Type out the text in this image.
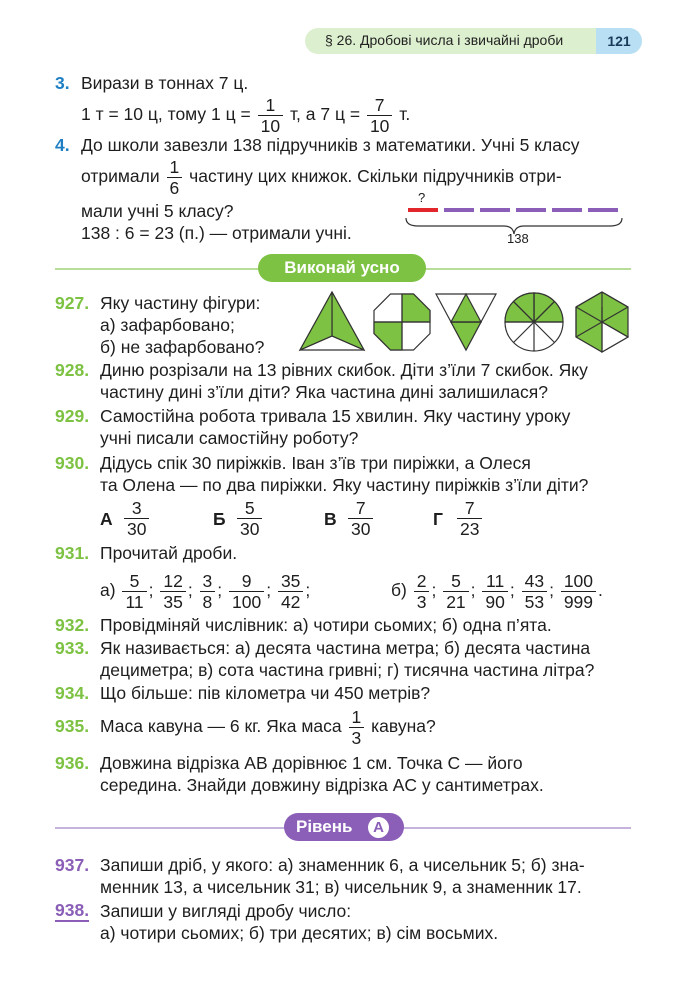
§ 26. Дробові числа і звичайні дроби	121
3. Вирази в тоннах 7 ц.
1 т = 10 ц, тому 1 $ц = \frac{1}{10} т$, а 7 $ц = \frac{7}{10} т$.
4. До школи завезли 138 підручників з математики. Учні 5 класу
отримали $\frac{1}{6}$ частину цих книжок. Скільки підручників отри-
мали учні 5 класу?
138 : 6 = 23 (п.) — отримали учні.
?
138
Виконай усно
927. Яку частину фігури:
а) зафарбовано;
б) не зафарбовано?
928. Диню розрізали на 13 рівних скибок. Діти з’їли 7 скибок. Яку
частину дині з’їли діти? Яка частина дині залишилася?
929. Самостійна робота тривала 15 хвилин. Яку частину уроку
учні писали самостійну роботу?
930. Дідусь спік 30 пиріжків. Іван з’їв три пиріжки, а Олеся
та Олена — по два пиріжки. Яку частину пиріжків з’їли діти?
А $\frac{3}{30}$	Б $\frac{5}{30}$	В $\frac{7}{30}$	Г $\frac{7}{23}$
931. Прочитай дроби.
$а) \frac{5}{11}$ ; $\frac{12}{35}$ ; $\frac{3}{8}$ ; $\frac{9}{100}$ ; $\frac{35}{42}$ ;	$б) \frac{2}{3}$ ; $\frac{5}{21}$ ; $\frac{11}{90}$ ; $\frac{43}{53}$ ; $\frac{100}{999}$ .
932. Провідміняй числівник: а) чотири сьомих; б) одна п’ята.
933. Як називається: а) десята частина метра; б) десята частина
дециметра; в) сота частина гривні; г) тисячна частина літра?
934. Що більше: пів кілометра чи 450 метрів?
935. Маса кавуна — 6 кг. Яка маса $\frac{1}{3}$ кавуна?
936. Довжина відрізка AB дорівнює 1 см. Точка C — його
середина. Знайди довжину відрізка AC у сантиметрах.
Рівень	А
937. Запиши дріб, у якого: а) знаменник 6, а чисельник 5; б) зна-
менник 13, а чисельник 31; в) чисельник 9, а знаменник 17.
938. Запиши у вигляді дробу число:
а) чотири сьомих; б) три десятих; в) сім восьмих.
